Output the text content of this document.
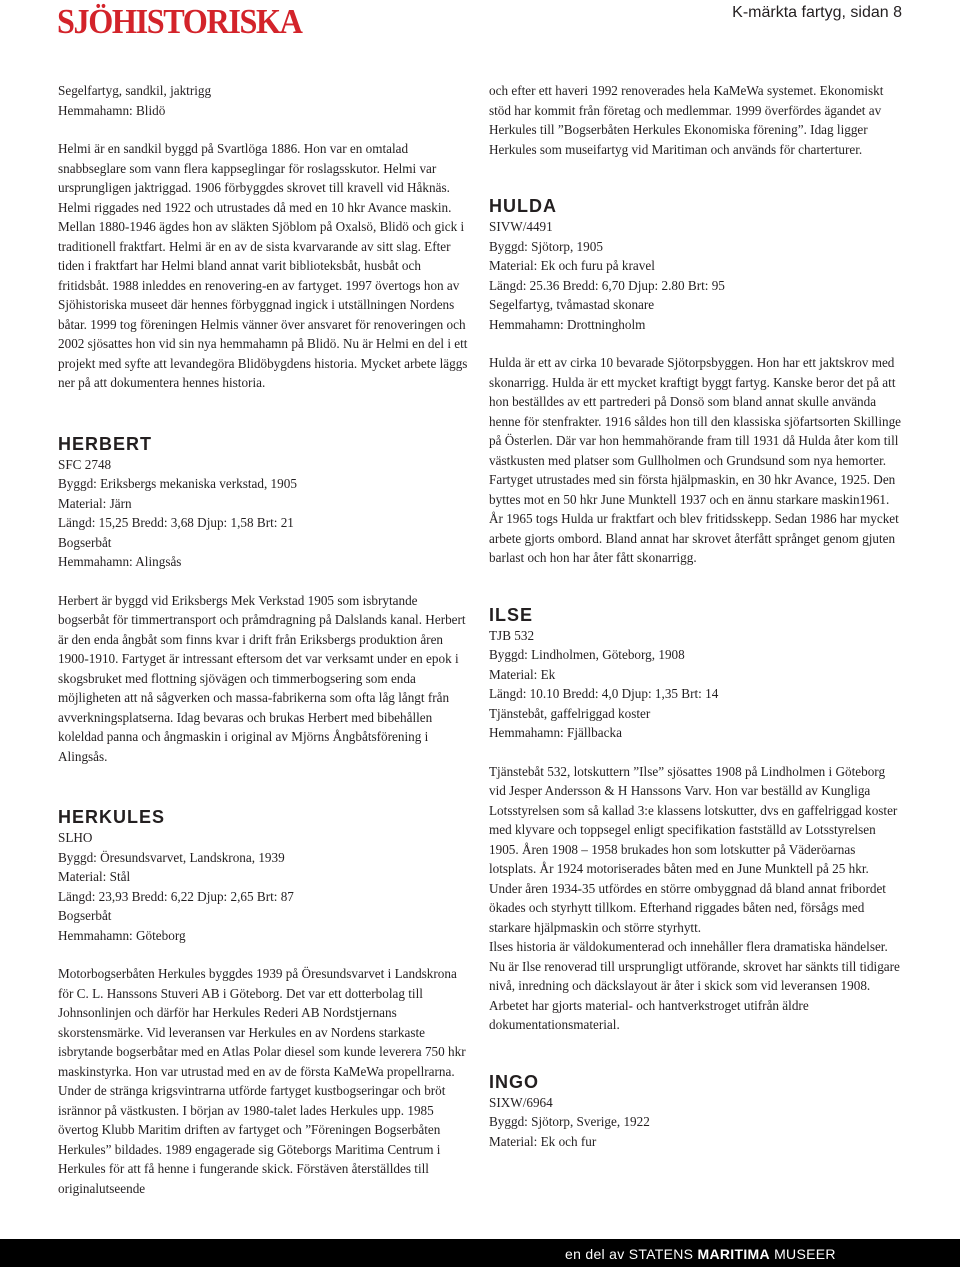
SJÖHISTORISKA	K-märkta fartyg, sidan 8

Segelfartyg, sandkil, jaktrigg

Hemmahamn: Blidö

Helmi är en sandkil byggd på Svartlöga 1886. Hon var en omtalad snabbseglare som vann flera kappseglingar för roslagsskutor. Helmi var ursprungligen jaktriggad. 1906 förbyggdes skrovet till kravell vid Håknäs. Helmi riggades ned 1922 och utrustades då med en 10 hkr Avance maskin. Mellan 1880-1946 ägdes hon av släkten Sjöblom på Oxalsö, Blidö och gick i traditionell fraktfart. Helmi är en av de sista kvarvarande av sitt slag. Efter tiden i fraktfart har Helmi bland annat varit biblioteksbåt, husbåt och fritidsbåt. 1988 inleddes en renovering-en av fartyget. 1997 övertogs hon av Sjöhistoriska museet där hennes förbyggnad ingick i utställningen Nordens båtar. 1999 tog föreningen Helmis vänner över ansvaret för renoveringen och 2002 sjösattes hon vid sin nya hemmahamn på Blidö. Nu är Helmi en del i ett projekt med syfte att levandegöra Blidöbygdens historia. Mycket arbete läggs ner på att dokumentera hennes historia.

HERBERT

SFC 2748

Byggd: Eriksbergs mekaniska verkstad, 1905

Material: Järn

Längd: 15,25 Bredd: 3,68 Djup: 1,58 Brt: 21

Bogserbåt

Hemmahamn: Alingsås

Herbert är byggd vid Eriksbergs Mek Verkstad 1905 som isbrytande bogserbåt för timmertransport och pråmdragning på Dalslands kanal. Herbert är den enda ångbåt som finns kvar i drift från Eriksbergs produktion åren 1900-1910. Fartyget är intressant eftersom det var verksamt under en epok i skogsbruket med flottning sjövägen och timmerbogsering som enda möjligheten att nå sågverken och massa-fabrikerna som ofta låg långt från avverkningsplatserna. Idag bevaras och brukas Herbert med bibehållen koleldad panna och ångmaskin i original av Mjörns Ångbåtsförening i Alingsås.

HERKULES

SLHO

Byggd: Öresundsvarvet, Landskrona, 1939

Material: Stål

Längd: 23,93 Bredd: 6,22 Djup: 2,65 Brt: 87

Bogserbåt

Hemmahamn: Göteborg

Motorbogserbåten Herkules byggdes 1939 på Öresundsvarvet i Landskrona för C. L. Hanssons Stuveri AB i Göteborg. Det var ett dotterbolag till Johnsonlinjen och därför har Herkules Rederi AB Nordstjernans skorstensmärke. Vid leveransen var Herkules en av Nordens starkaste isbrytande bogserbåtar med en Atlas Polar diesel som kunde leverera 750 hkr maskinstyrka. Hon var utrustad med en av de första KaMeWa propellrarna. Under de stränga krigsvintrarna utförde fartyget kustbogseringar och bröt isrännor på västkusten. I början av 1980-talet lades Herkules upp. 1985 övertog Klubb Maritim driften av fartyget och ”Föreningen Bogserbåten Herkules” bildades. 1989 engagerade sig Göteborgs Maritima Centrum i Herkules för att få henne i fungerande skick. Förstäven återställdes till originalutseende

och efter ett haveri 1992 renoverades hela KaMeWa systemet. Ekonomiskt stöd har kommit från företag och medlemmar. 1999 överfördes ägandet av Herkules till ”Bogserbåten Herkules Ekonomiska förening”. Idag ligger Herkules som museifartyg vid Maritiman och används för charterturer.

HULDA

SIVW/4491

Byggd: Sjötorp, 1905

Material: Ek och furu på kravel

Längd: 25.36 Bredd: 6,70 Djup: 2.80 Brt: 95

Segelfartyg, tvåmastad skonare

Hemmahamn: Drottningholm

Hulda är ett av cirka 10 bevarade Sjötorpsbyggen. Hon har ett jaktskrov med skonarrigg. Hulda är ett mycket kraftigt byggt fartyg. Kanske beror det på att hon beställdes av ett partrederi på Donsö som bland annat skulle använda henne för stenfrakter. 1916 såldes hon till den klassiska sjöfartsorten Skillinge på Österlen. Där var hon hemmahörande fram till 1931 då Hulda åter kom till västkusten med platser som Gullholmen och Grundsund som nya hemorter. Fartyget utrustades med sin första hjälpmaskin, en 30 hkr Avance, 1925. Den byttes mot en 50 hkr June Munktell 1937 och en ännu starkare maskin1961. År 1965 togs Hulda ur fraktfart och blev fritidsskepp. Sedan 1986 har mycket arbete gjorts ombord. Bland annat har skrovet återfått språnget genom gjuten barlast och hon har åter fått skonarrigg.

ILSE

TJB 532

Byggd: Lindholmen, Göteborg, 1908

Material: Ek

Längd: 10.10 Bredd: 4,0 Djup: 1,35 Brt: 14

Tjänstebåt, gaffelriggad koster

Hemmahamn: Fjällbacka

Tjänstebåt 532, lotskuttern ”Ilse” sjösattes 1908 på Lindholmen i Göteborg vid Jesper Andersson & H Hanssons Varv. Hon var beställd av Kungliga Lotsstyrelsen som så kallad 3:e klassens lotskutter, dvs en gaffelriggad koster med klyvare och toppsegel enligt specifikation fastställd av Lotsstyrelsen 1905. Åren 1908 – 1958 brukades hon som lotskutter på Väderöarnas lotsplats. År 1924 motoriserades båten med en June Munktell på 25 hkr. Under åren 1934-35 utfördes en större ombyggnad då bland annat fribordet ökades och styrhytt tillkom. Efterhand riggades båten ned, försågs med starkare hjälpmaskin och större styrhytt.

Ilses historia är väldokumenterad och innehåller flera dramatiska händelser. Nu är Ilse renoverad till ursprungligt utförande, skrovet har sänkts till tidigare nivå, inredning och däckslayout är åter i skick som vid leveransen 1908. Arbetet har gjorts material- och hantverkstroget utifrån äldre dokumentationsmaterial.

INGO

SIXW/6964

Byggd: Sjötorp, Sverige, 1922

Material: Ek och fur

en del av STATENS MARITIMA MUSEER
